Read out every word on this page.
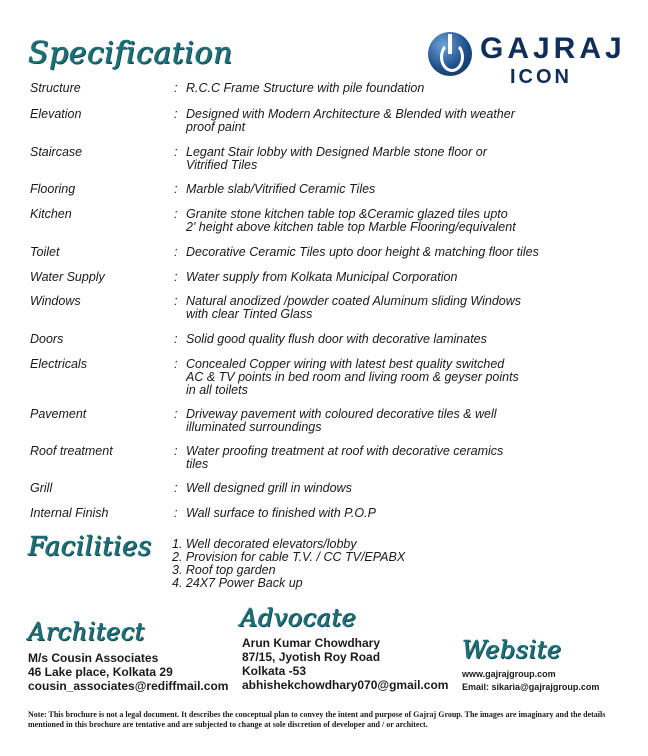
Specification	GAJRAJ
ICON
Structure	: R.C.C Frame Structure with pile foundation
Elevation	: Designed with Modern Architecture & Blended with weather
proof paint
Staircase	: Legant Stair lobby with Designed Marble stone floor or
Vitrified Tiles
Flooring	: Marble slab/Vitrified Ceramic Tiles
Kitchen	: Granite stone kitchen table top &Ceramic glazed tiles upto
2' height above kitchen table top Marble Flooring/equivalent
Toilet	: Decorative Ceramic Tiles upto door height & matching floor tiles
Water Supply	: Water supply from Kolkata Municipal Corporation
Windows	: Natural anodized /powder coated Aluminum sliding Windows
with clear Tinted Glass
Doors	: Solid good quality flush door with decorative laminates
Electricals	: Concealed Copper wiring with latest best quality switched
AC & TV points in bed room and living room & geyser points
in all toilets
Pavement	: Driveway pavement with coloured decorative tiles & well
illuminated surroundings
Roof treatment	: Water proofing treatment at roof with decorative ceramics
tiles
Grill	: Well designed grill in windows
Internal Finish	: Wall surface to finished with P.O.P
Facilities 1. Well decorated elevators/lobby
2. Provision for cable T.V. / CC TV/EPABX
3. Roof top garden
4. 24X7 Power Back up
Architect
M/s Cousin Associates
46 Lake place, Kolkata 29
cousin_associates@rediffmail.com
Advocate
Arun Kumar Chowdhary
87/15, Jyotish Roy Road
Kolkata -53
abhishekchowdhary070@gmail.com
Website
www.gajrajgroup.com
Email: sikaria@gajrajgroup.com
Note: This brochure is not a legal document. It describes the conceptual plan to convey the intent and purpose of Gajraj Group. The images are imaginary and the details mentioned in this brochure are tentative and are subjected to change at sole discretion of developer and / or architect.
